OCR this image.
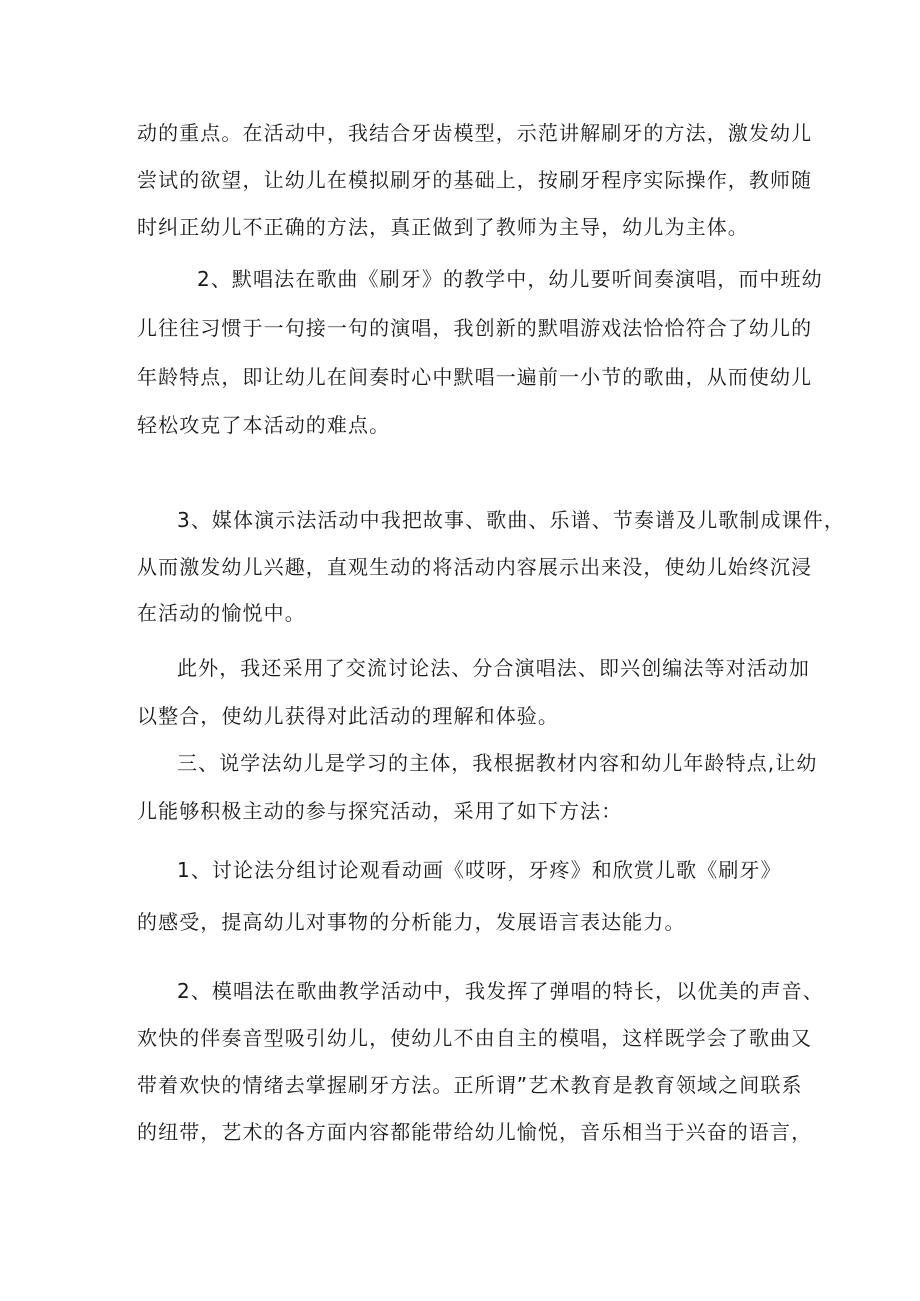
动的重点。在活动中，我结合牙齿模型，示范讲解刷牙的方法，激发幼儿
尝试的欲望，让幼儿在模拟刷牙的基础上，按刷牙程序实际操作，教师随
时纠正幼儿不正确的方法，真正做到了教师为主导，幼儿为主体。
2、默唱法在歌曲《刷牙》的教学中，幼儿要听间奏演唱，而中班幼
儿往往习惯于一句接一句的演唱，我创新的默唱游戏法恰恰符合了幼儿的
年龄特点，即让幼儿在间奏时心中默唱一遍前一小节的歌曲，从而使幼儿
轻松攻克了本活动的难点。
3、媒体演示法活动中我把故事、歌曲、乐谱、节奏谱及儿歌制成课件，
从而激发幼儿兴趣，直观生动的将活动内容展示出来没，使幼儿始终沉浸
在活动的愉悦中。
此外，我还采用了交流讨论法、分合演唱法、即兴创编法等对活动加
以整合，使幼儿获得对此活动的理解和体验。
三、说学法幼儿是学习的主体，我根据教材内容和幼儿年龄特点,让幼
儿能够积极主动的参与探究活动，采用了如下方法：
1、讨论法分组讨论观看动画《哎呀，牙疼》和欣赏儿歌《刷牙》
的感受，提高幼儿对事物的分析能力，发展语言表达能力。
2、模唱法在歌曲教学活动中，我发挥了弹唱的特长，以优美的声音、
欢快的伴奏音型吸引幼儿，使幼儿不由自主的模唱，这样既学会了歌曲又
带着欢快的情绪去掌握刷牙方法。正所谓”艺术教育是教育领域之间联系
的纽带，艺术的各方面内容都能带给幼儿愉悦，音乐相当于兴奋的语言，
